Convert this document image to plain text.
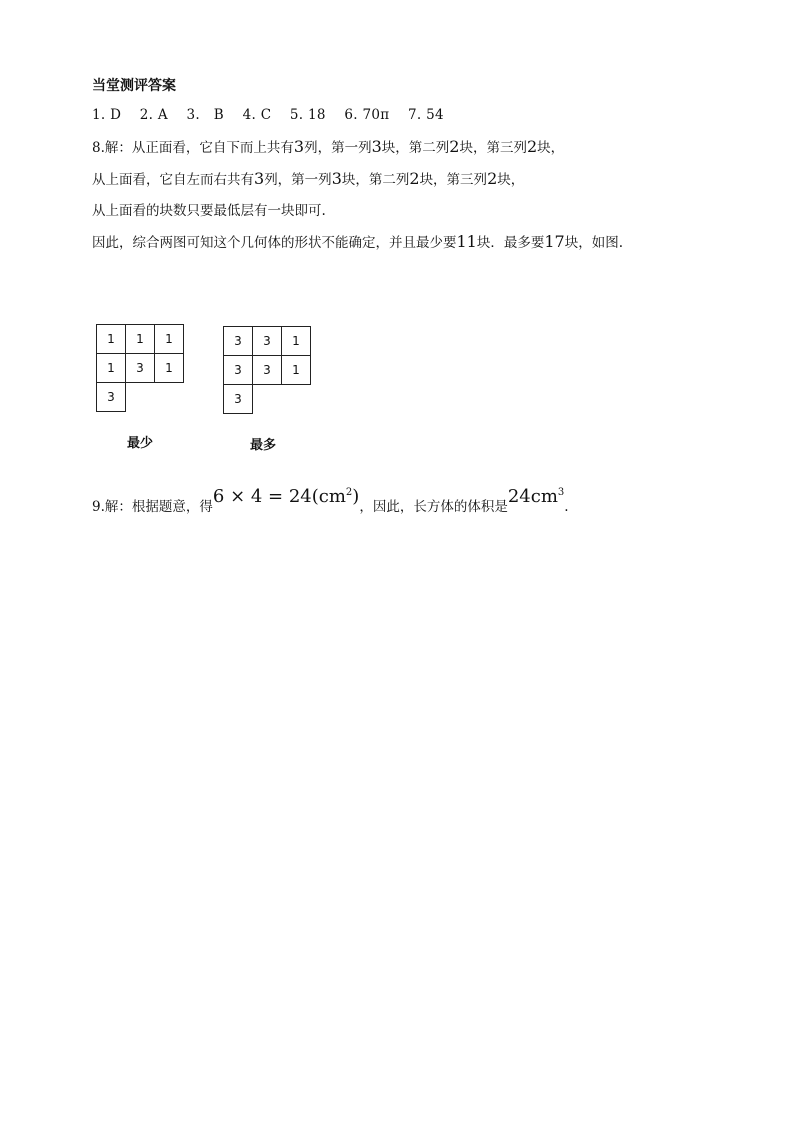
当堂测评答案
1. D 2. A 3.　B 4. C 5. 18 6. 70π 7. 54
8.解：从正面看，它自下而上共有3列，第一列3块，第二列2块，第三列2块，
从上面看，它自左而右共有3列，第一列3块，第二列2块，第三列2块，
从上面看的块数只要最低层有一块即可.
因此，综合两图可知这个几何体的形状不能确定，并且最少要11块．最多要17块，如图.
1	1	1
1	3	1
3
最少
3	3	1
3	3	1
3
最多
9.解：根据题意，得$6 \times 4 = 24(cm^2)$，因此，长方体的体积是$24cm^3$.
